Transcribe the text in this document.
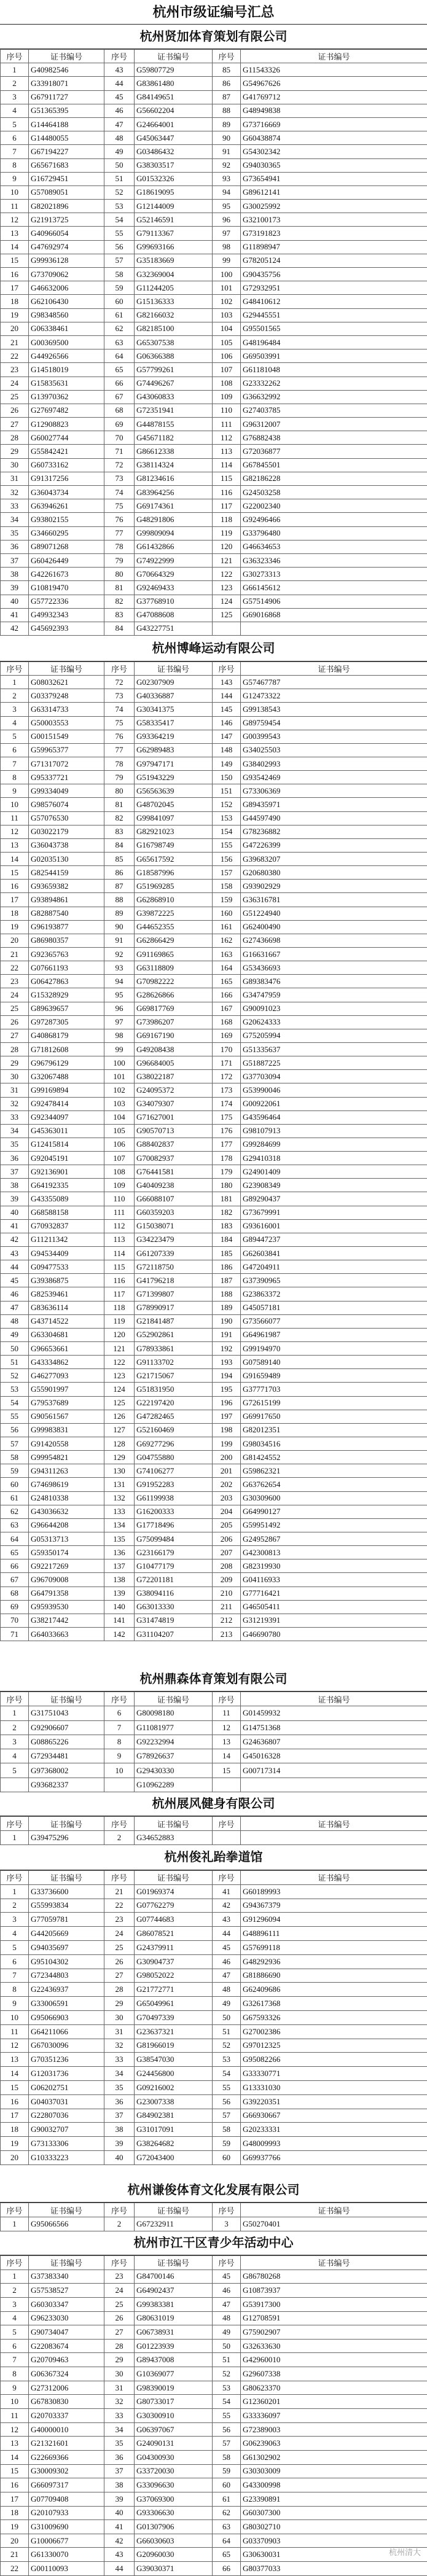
杭州市级证编号汇总
杭州贤加体育策划有限公司
序号	证书编号	序号	证书编号	序号	证书编号
1	G40982546	43	G59807729	85	G11543326
2	G33918071	44	G83861480	86	G54967626
3	G67911727	45	G84149651	87	G41769712
4	G51365395	46	G56602204	88	G48949838
5	G14464188	47	G24664001	89	G73716669
6	G14480055	48	G45063447	90	G60438874
7	G67194227	49	G03486432	91	G54302342
8	G65671683	50	G38303517	92	G94030365
9	G16729451	51	G01532326	93	G73654941
10	G57089051	52	G18619095	94	G89612141
11	G82021896	53	G12144009	95	G30025992
12	G21913725	54	G52146591	96	G32100173
13	G40966054	55	G79113367	97	G73191823
14	G47692974	56	G99693166	98	G11898947
15	G99936128	57	G35183669	99	G78205124
16	G73709062	58	G32369004	100	G90435756
17	G46632006	59	G11244205	101	G72932951
18	G62106430	60	G15136333	102	G48410612
19	G98348560	61	G82166032	103	G29445551
20	G06338461	62	G82185100	104	G95501565
21	G00369500	63	G65307538	105	G48196484
22	G44926566	64	G06366388	106	G69503991
23	G14518019	65	G57799261	107	G61181048
24	G15835631	66	G74496267	108	G23332262
25	G13970362	67	G43060833	109	G36632992
26	G27697482	68	G72351941	110	G27403785
27	G12908823	69	G44878155	111	G96312007
28	G60027744	70	G45671182	112	G76882438
29	G55842421	71	G86612338	113	G72036877
30	G60733162	72	G38114324	114	G67845501
31	G91317256	73	G81234616	115	G82186228
32	G36043734	74	G83964256	116	G24503258
33	G63946261	75	G69174361	117	G22002340
34	G93802155	76	G48291806	118	G92496466
35	G34660295	77	G99809094	119	G33796480
36	G89071268	78	G61432866	120	G46634653
37	G60426449	79	G74922999	121	G36323346
38	G42261673	80	G70664329	122	G30273313
39	G10819470	81	G92469433	123	G66145612
40	G57722336	82	G37768910	124	G57514906
41	G49932343	83	G47088608	125	G69016868
42	G45692393	84	G43227751		
杭州博峰运动有限公司
序号	证书编号	序号	证书编号	序号	证书编号
1	G08032621	72	G02307909	143	G57467787
2	G03379248	73	G40336887	144	G12473322
3	G63314733	74	G30341375	145	G99138543
4	G50003553	75	G58335417	146	G89759454
5	G00151549	76	G93364219	147	G00399543
6	G59965377	77	G62989483	148	G34025503
7	G71317072	78	G97947171	149	G38402993
8	G95337721	79	G51943229	150	G93542469
9	G99334049	80	G56563639	151	G73306369
10	G98576074	81	G48702045	152	G89435971
11	G57076530	82	G99841097	153	G44597490
12	G03022179	83	G82921023	154	G78236882
13	G36043738	84	G16798749	155	G47226399
14	G02035130	85	G65617592	156	G39683207
15	G82544159	86	G18587996	157	G20680380
16	G93659382	87	G51969285	158	G93902929
17	G93894861	88	G62868910	159	G36316781
18	G82887540	89	G39872225	160	G51224940
19	G96193877	90	G44652355	161	G62400490
20	G86980357	91	G62866429	162	G27436698
21	G92365763	92	G91169865	163	G16631667
22	G07661193	93	G63118809	164	G53436693
23	G06427863	94	G70982222	165	G89383476
24	G15328929	95	G28626866	166	G34747959
25	G89639657	96	G69817769	167	G90091023
26	G97287305	97	G73986207	168	G20624333
27	G40868179	98	G69167190	169	G75205994
28	G71812608	99	G49208438	170	G51335637
29	G96796129	100	G96684005	171	G51887225
30	G32067488	101	G38022187	172	G37703094
31	G99169894	102	G24095372	173	G53990046
32	G92478414	103	G34079307	174	G00922061
33	G92344097	104	G71627001	175	G43596464
34	G45363011	105	G90570713	176	G98107913
35	G12415814	106	G88402837	177	G99284699
36	G92045191	107	G70082937	178	G29410318
37	G92136901	108	G76441581	179	G24901409
38	G64192335	109	G40409238	180	G23908349
39	G43355089	110	G66088107	181	G89290437
40	G68588158	111	G60359203	182	G73679991
41	G70932837	112	G15038071	183	G93616001
42	G11211342	113	G34223479	184	G89447237
43	G94534409	114	G61207339	185	G62603841
44	G09477533	115	G72118750	186	G47204911
45	G39386875	116	G41796218	187	G37390965
46	G82539461	117	G71399807	188	G23863372
47	G83636114	118	G78990917	189	G45057181
48	G43714522	119	G21841487	190	G73566077
49	G63304681	120	G52902861	191	G64961987
50	G96653661	121	G78933861	192	G99194970
51	G43334862	122	G91133702	193	G07589140
52	G46277093	123	G21715067	194	G91659489
53	G55901997	124	G51831950	195	G37771703
54	G79537689	125	G22197420	196	G72615199
55	G90561567	126	G47282465	197	G69917650
56	G99983831	127	G52160469	198	G82012351
57	G91420558	128	G69277296	199	G98034516
58	G99954821	129	G04755880	200	G81424552
59	G94311263	130	G74106277	201	G59862321
60	G74698619	131	G91952283	202	G63762654
61	G24810338	132	G61199938	203	G30309600
62	G43036632	133	G16200333	204	G64990127
63	G96644208	134	G17718496	205	G59951492
64	G05313713	135	G75099484	206	G24952867
65	G59350174	136	G23166179	207	G42300813
66	G92217269	137	G10477179	208	G82319930
67	G96709008	138	G72201181	209	G04116933
68	G64791358	139	G38094116	210	G77716421
69	G95939530	140	G63013330	211	G46505411
70	G38217442	141	G31474819	212	G31219391
71	G64033663	142	G31104207	213	G46690780
杭州鼎森体育策划有限公司
序号	证书编号	序号	证书编号	序号	证书编号
1	G31751043	6	G80098180	11	G01459932
2	G92906607	7	G11081977	12	G14751368
3	G08865226	8	G92232994	13	G24636807
4	G72934481	9	G78926637	14	G45016328
5	G97368002	10	G29430330	15	G00717314
	G93682337		G10962289		
杭州展风健身有限公司
序号	证书编号	序号	证书编号	序号	证书编号
1	G39475296	2	G34652883		
杭州俊礼跆拳道馆
序号	证书编号	序号	证书编号	序号	证书编号
1	G33736600	21	G01969374	41	G60189993
2	G55993834	22	G07762279	42	G94367379
3	G77059781	23	G07744683	43	G91296094
4	G44205669	24	G86078521	44	G48896111
5	G94035697	25	G24379911	45	G57699118
6	G95104302	26	G30904737	46	G48292936
7	G72344803	27	G98052022	47	G81886690
8	G22436937	28	G21772771	48	G62409686
9	G33006591	29	G65049961	49	G32617368
10	G95066903	30	G70497339	50	G67593326
11	G64211066	31	G23637321	51	G27002386
12	G67030096	32	G81966019	52	G97012325
13	G70351236	33	G38547030	53	G95082266
14	G12031736	34	G24456800	54	G33330771
15	G06202751	35	G09216002	55	G13331030
16	G04037031	36	G23007338	56	G39220351
17	G22807036	37	G84902381	57	G66930667
18	G90032707	38	G31017091	58	G20233331
19	G73133306	39	G38264682	59	G48009993
20	G10333223	40	G72043400	60	G69937766
杭州谦俊体育文化发展有限公司
序号	证书编号	序号	证书编号	序号	证书编号
1	G95066566	2	G67232911	3	G50270401
杭州市江干区青少年活动中心
序号	证书编号	序号	证书编号	序号	证书编号
1	G37383340	23	G84700146	45	G86780268
2	G57538527	24	G64902437	46	G10873937
3	G60303347	25	G99383381	47	G53917300
4	G96233030	26	G80631019	48	G12708591
5	G90734047	27	G06738931	49	G75902907
6	G22083674	28	G01223939	50	G32633630
7	G20709463	29	G89437008	51	G42960010
8	G06367324	30	G10369077	52	G29607338
9	G27312006	31	G98390019	53	G80623370
10	G67830830	32	G80733017	54	G12360201
11	G20703337	33	G30300910	55	G33336097
12	G40000010	34	G06397067	56	G72389003
13	G21321601	35	G24090131	57	G06239063
14	G22669366	36	G04300930	58	G61302902
15	G30009302	37	G33720030	59	G30303009
16	G66097317	38	G33096630	60	G43300998
17	G07709408	39	G37069300	61	G23390891
18	G20107933	40	G93306630	62	G60307300
19	G31009690	41	G01307906	63	G80302710
20	G10006677	42	G66030603	64	G03370903
21	G61330070	43	G20960030	65	G30630031
22	G00110093	44	G39030371	66	G80377033	杭州清大
